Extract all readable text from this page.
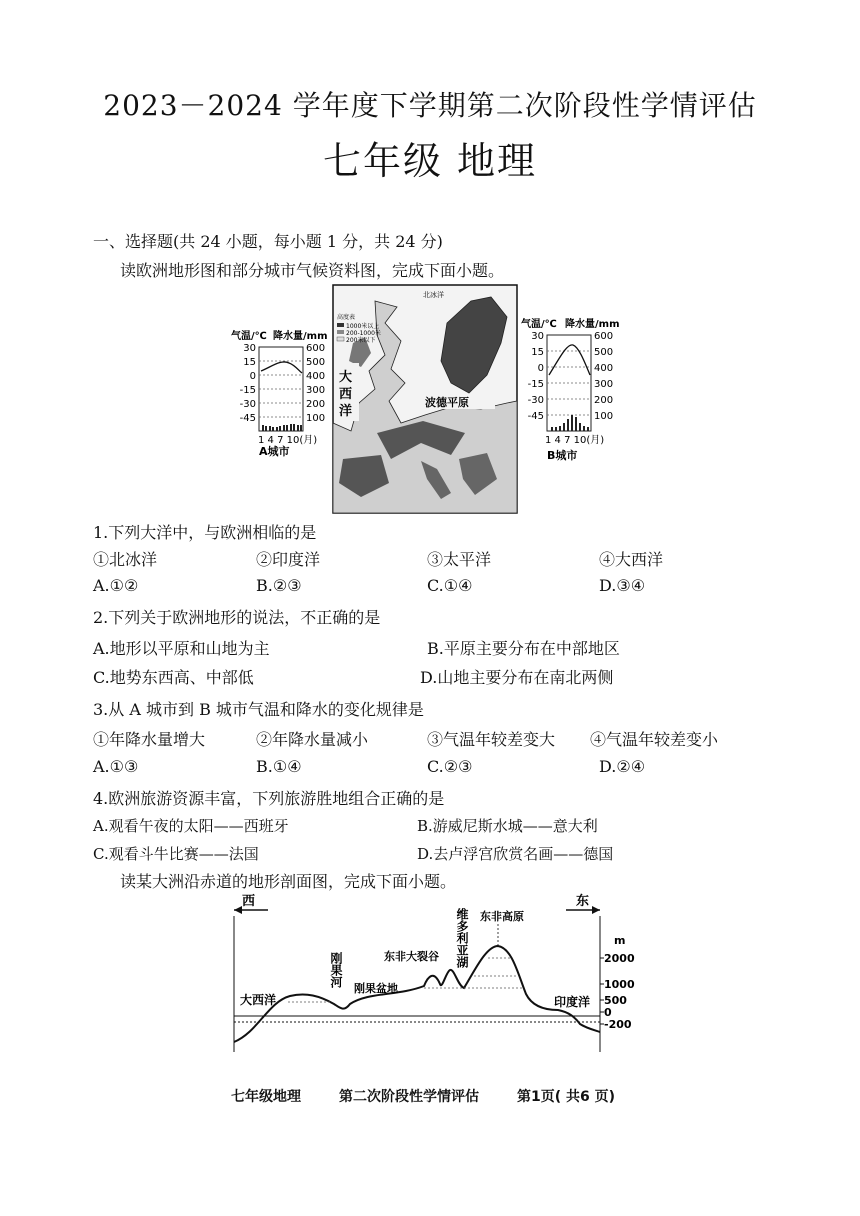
2023－2024 学年度下学期第二次阶段性学情评估
七年级 地理
一、选择题(共 24 小题，每小题 1 分，共 24 分)
读欧洲地形图和部分城市气候资料图，完成下面小题。
气温/℃ 降水量/mm
30
15
0
-15
-30
-45
600
500
400
300
200
100
1 4 7 10(月)
A城市
北冰洋
高度表
1000米以上
200-1000米
200米以下
大
西
洋
波德平原
气温/℃ 降水量/mm
30
15
0
-15
-30
-45
600
500
400
300
200
100
1 4 7 10(月)
B城市
1.下列大洋中，与欧洲相临的是
①北冰洋	②印度洋	③太平洋	④大西洋
A.①②	B.②③	C.①④	D.③④
2.下列关于欧洲地形的说法，不正确的是
A.地形以平原和山地为主	B.平原主要分布在中部地区
C.地势东西高、中部低	D.山地主要分布在南北两侧
3.从 A 城市到 B 城市气温和降水的变化规律是
①年降水量增大	②年降水量减小	③气温年较差变大 ④气温年较差变小
A.①③	B.①④	C.②③	D.②④
4.欧洲旅游资源丰富，下列旅游胜地组合正确的是
A.观看午夜的太阳——西班牙	B.游威尼斯水城——意大利
C.观看斗牛比赛——法国	D.去卢浮宫欣赏名画——德国
读某大洲沿赤道的地形剖面图，完成下面小题。
西	东
m
2000
1000
500
0
-200
大西洋
刚果河
刚果盆地
东非大裂谷 维多利亚湖 东非高原
印度洋
七年级地理	第二次阶段性学情评估	第1页( 共6 页)
